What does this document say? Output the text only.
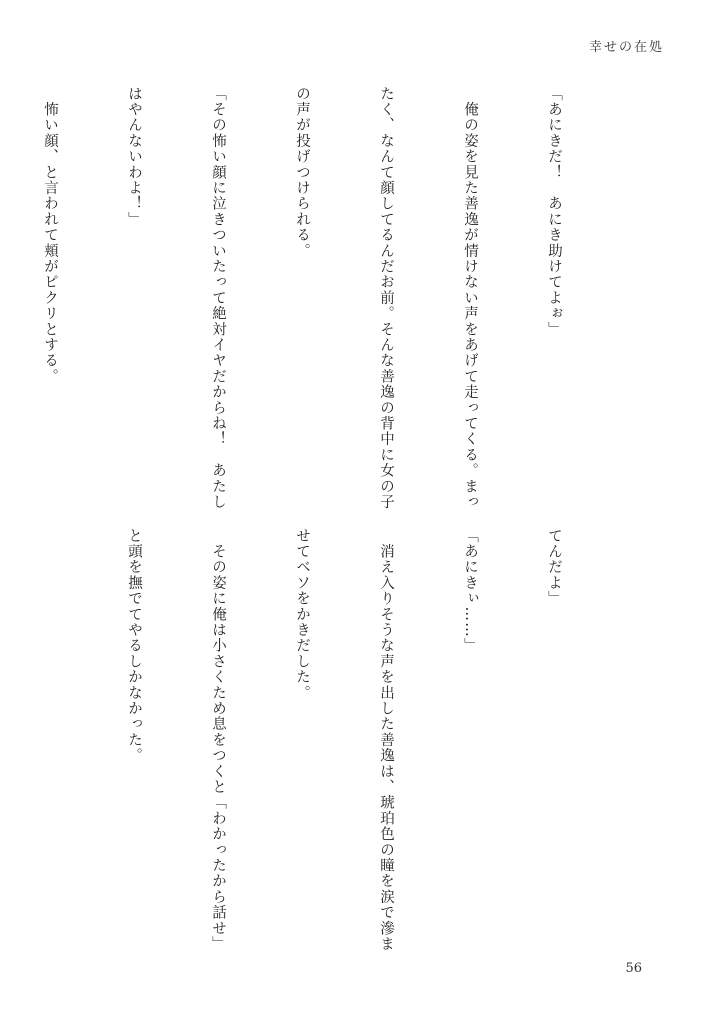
幸せの在処

「あにきだ！　あにき助けてよぉ」

　俺の姿を見た善逸が情けない声をあげて走ってくる。まっ

たく、なんて顔してるんだお前。そんな善逸の背中に女の子

の声が投げつけられる。

「その怖い顔に泣きついたって絶対イヤだからね！　あたし

はやんないわよ！」

　怖い顔、と言われて頬がピクリとする。

てんだよ」

「あにきぃ……」

　消え入りそうな声を出した善逸は、琥珀色の瞳を涙で滲ま

せてベソをかきだした。

　その姿に俺は小さくため息をつくと「わかったから話せ」

と頭を撫でてやるしかなかった。

56
